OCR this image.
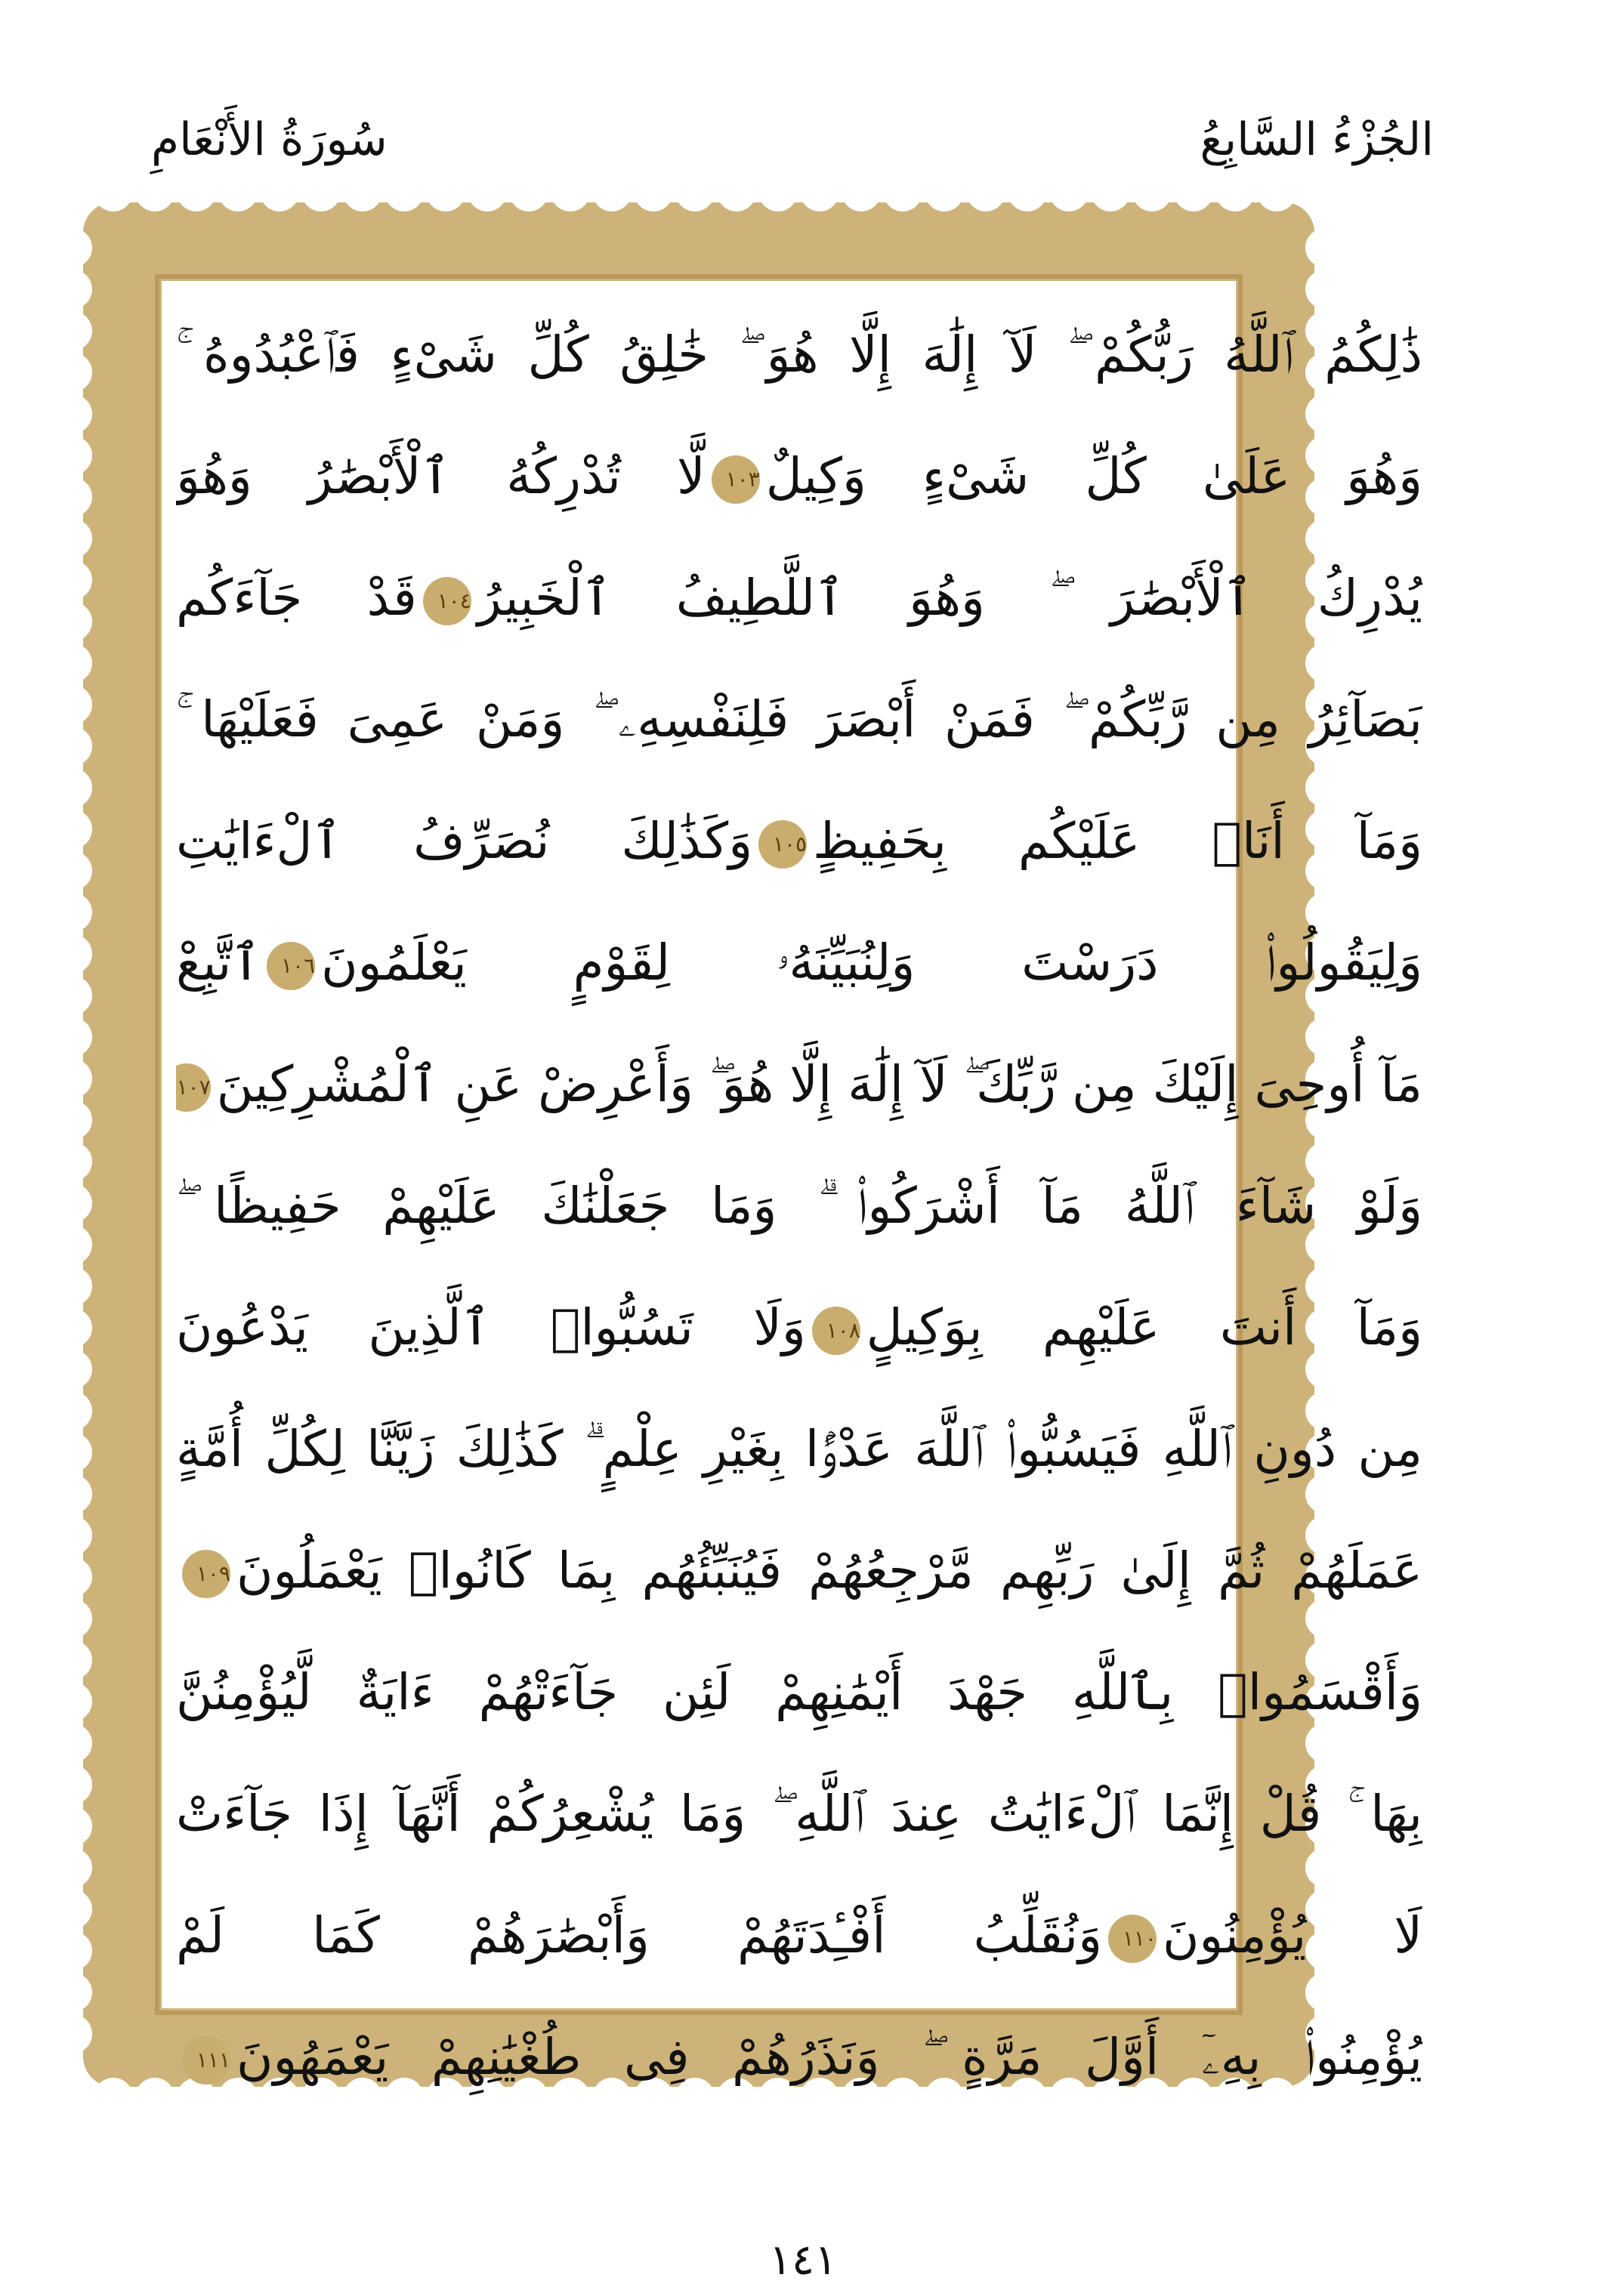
سُورَةُ الأَنْعَامِ	الجُزْءُ السَّابِعُ
ذَٰلِكُمُ ٱللَّهُ رَبُّكُمْ ۖ لَآ إِلَٰهَ إِلَّا هُوَ ۖ خَٰلِقُ كُلِّ شَىْءٍ فَٱعْبُدُوهُ ۚ
وَهُوَ عَلَىٰ كُلِّ شَىْءٍ وَكِيلٌ١٠٣لَّا تُدْرِكُهُ ٱلْأَبْصَٰرُ وَهُوَ
يُدْرِكُ ٱلْأَبْصَٰرَ ۖ وَهُوَ ٱللَّطِيفُ ٱلْخَبِيرُ١٠٤قَدْ جَآءَكُم
بَصَآئِرُ مِن رَّبِّكُمْ ۖ فَمَنْ أَبْصَرَ فَلِنَفْسِهِۦ ۖ وَمَنْ عَمِىَ فَعَلَيْهَا ۚ
وَمَآ أَنَا۠ عَلَيْكُم بِحَفِيظٍ١٠٥وَكَذَٰلِكَ نُصَرِّفُ ٱلْءَايَٰتِ
وَلِيَقُولُوا۟ دَرَسْتَ وَلِنُبَيِّنَهُۥ لِقَوْمٍ يَعْلَمُونَ١٠٦ٱتَّبِعْ
مَآ أُوحِىَ إِلَيْكَ مِن رَّبِّكَ ۖ لَآ إِلَٰهَ إِلَّا هُوَ ۖ وَأَعْرِضْ عَنِ ٱلْمُشْرِكِينَ١٠٧
وَلَوْ شَآءَ ٱللَّهُ مَآ أَشْرَكُوا۟ ۗ وَمَا جَعَلْنَٰكَ عَلَيْهِمْ حَفِيظًا ۖ
وَمَآ أَنتَ عَلَيْهِم بِوَكِيلٍ١٠٨وَلَا تَسُبُّوا۟ ٱلَّذِينَ يَدْعُونَ
مِن دُونِ ٱللَّهِ فَيَسُبُّوا۟ ٱللَّهَ عَدْوًۢا بِغَيْرِ عِلْمٍ ۗ كَذَٰلِكَ زَيَّنَّا لِكُلِّ أُمَّةٍ
عَمَلَهُمْ ثُمَّ إِلَىٰ رَبِّهِم مَّرْجِعُهُمْ فَيُنَبِّئُهُم بِمَا كَانُوا۟ يَعْمَلُونَ١٠٩
وَأَقْسَمُوا۟ بِٱللَّهِ جَهْدَ أَيْمَٰنِهِمْ لَئِن جَآءَتْهُمْ ءَايَةٌ لَّيُؤْمِنُنَّ
بِهَا ۚ قُلْ إِنَّمَا ٱلْءَايَٰتُ عِندَ ٱللَّهِ ۖ وَمَا يُشْعِرُكُمْ أَنَّهَآ إِذَا جَآءَتْ
لَا يُؤْمِنُونَ١١٠وَنُقَلِّبُ أَفْـِٔدَتَهُمْ وَأَبْصَٰرَهُمْ كَمَا لَمْ
يُؤْمِنُوا۟ بِهِۦٓ أَوَّلَ مَرَّةٍ ۖ وَنَذَرُهُمْ فِى طُغْيَٰنِهِمْ يَعْمَهُونَ١١١
١٤١
